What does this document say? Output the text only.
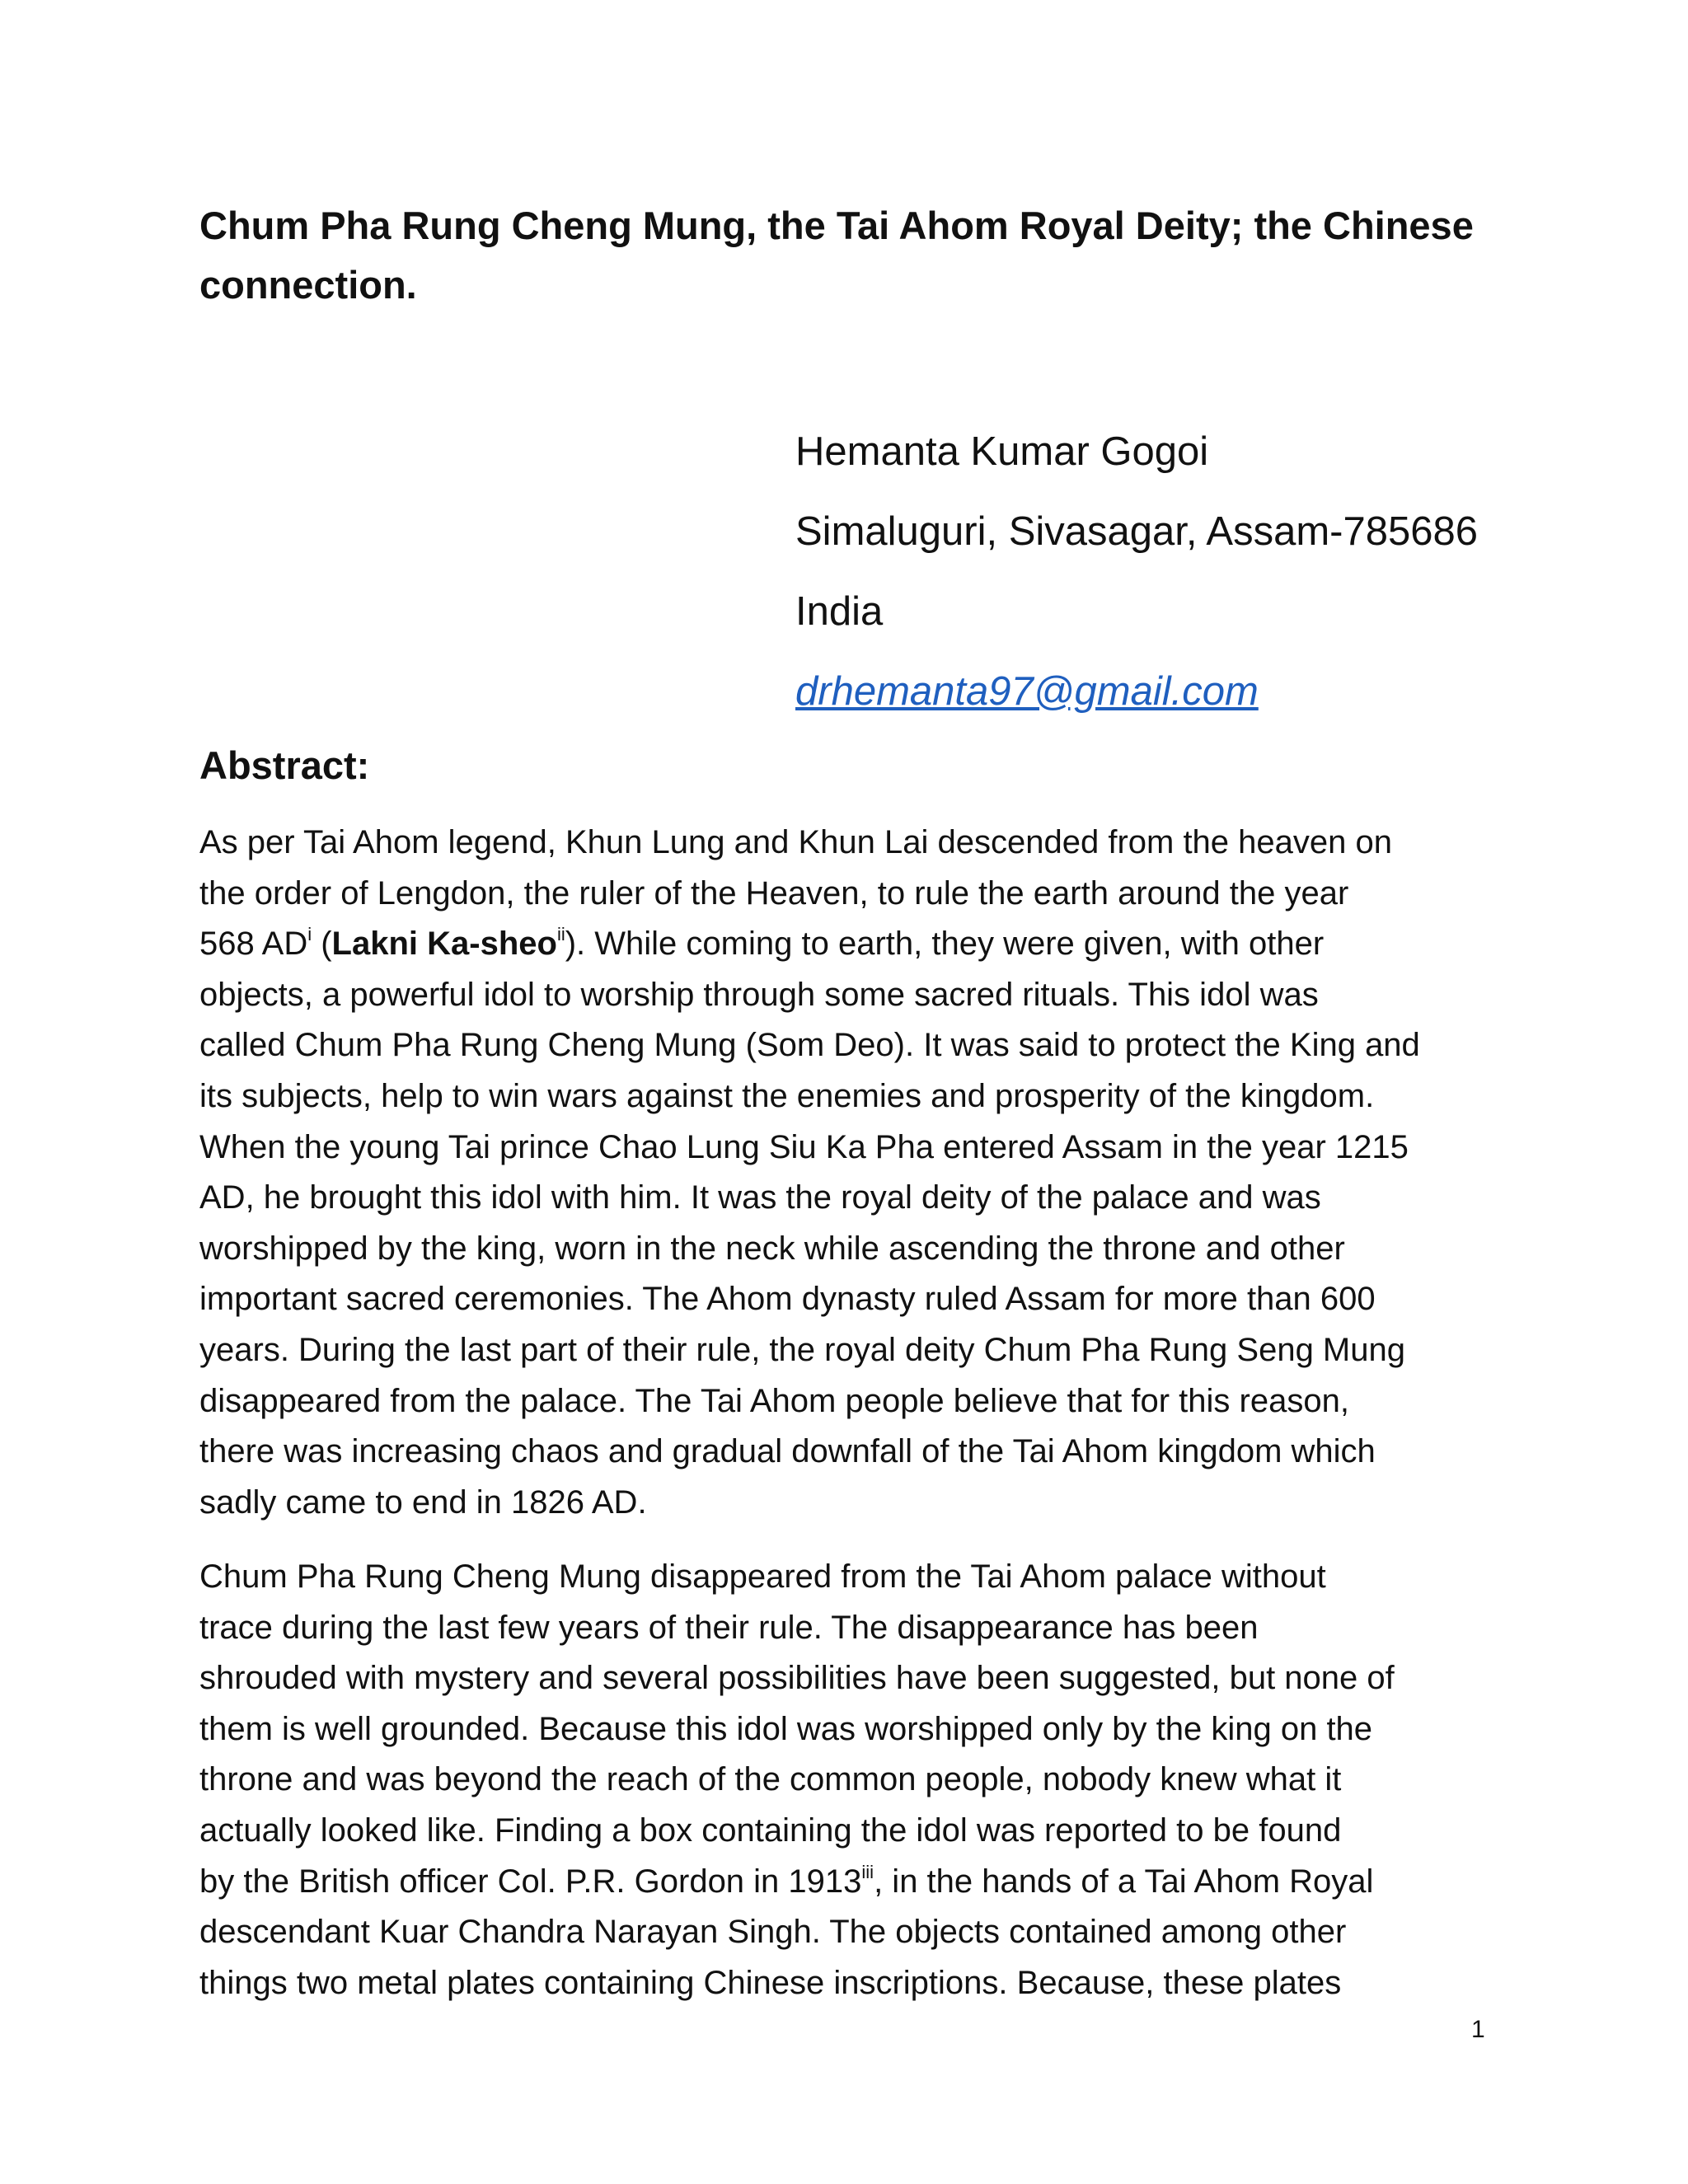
Chum Pha Rung Cheng Mung, the Tai Ahom Royal Deity; the Chinese
connection.
Hemanta Kumar Gogoi
Simaluguri, Sivasagar, Assam-785686
India
drhemanta97@gmail.com
Abstract:

As per Tai Ahom legend, Khun Lung and Khun Lai descended from the heaven on
the order of Lengdon, the ruler of the Heaven, to rule the earth around the year
568 $AD^i$ (Lakni Ka-sheo$^{ii}$). While coming to earth, they were given, with other
objects, a powerful idol to worship through some sacred rituals. This idol was
called Chum Pha Rung Cheng Mung (Som Deo). It was said to protect the King and
its subjects, help to win wars against the enemies and prosperity of the kingdom.
When the young Tai prince Chao Lung Siu Ka Pha entered Assam in the year 1215
AD, he brought this idol with him. It was the royal deity of the palace and was
worshipped by the king, worn in the neck while ascending the throne and other
important sacred ceremonies. The Ahom dynasty ruled Assam for more than 600
years. During the last part of their rule, the royal deity Chum Pha Rung Seng Mung
disappeared from the palace. The Tai Ahom people believe that for this reason,
there was increasing chaos and gradual downfall of the Tai Ahom kingdom which
sadly came to end in 1826 AD.

Chum Pha Rung Cheng Mung disappeared from the Tai Ahom palace without
trace during the last few years of their rule. The disappearance has been
shrouded with mystery and several possibilities have been suggested, but none of
them is well grounded. Because this idol was worshipped only by the king on the
throne and was beyond the reach of the common people, nobody knew what it
actually looked like. Finding a box containing the idol was reported to be found
by the British officer Col. P.R. Gordon in 1913$^{iii}$, in the hands of a Tai Ahom Royal
descendant Kuar Chandra Narayan Singh. The objects contained among other
things two metal plates containing Chinese inscriptions. Because, these plates

1
